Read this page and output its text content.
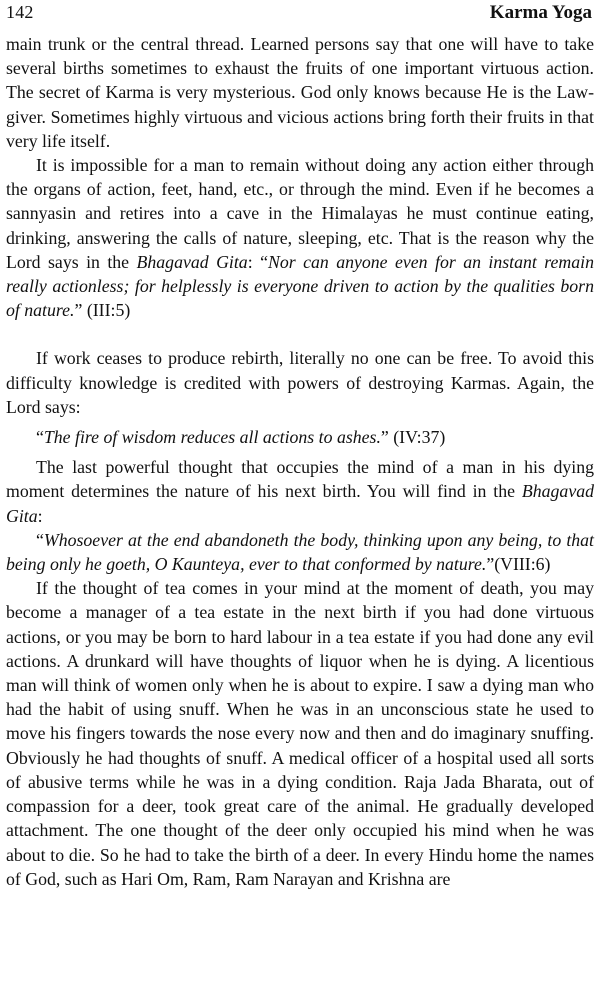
142	Karma Yoga

main trunk or the central thread. Learned persons say that one will have to take several births sometimes to exhaust the fruits of one important virtuous action. The secret of Karma is very mysterious. God only knows because He is the Law-giver. Sometimes highly virtuous and vicious actions bring forth their fruits in that very life itself.

It is impossible for a man to remain without doing any action either through the organs of action, feet, hand, etc., or through the mind. Even if he becomes a sannyasin and retires into a cave in the Himalayas he must continue eating, drinking, answering the calls of nature, sleeping, etc. That is the reason why the Lord says in the Bhagavad Gita: “Nor can anyone even for an instant remain really actionless; for helplessly is everyone driven to action by the qualities born of nature.” (III:5)

If work ceases to produce rebirth, literally no one can be free. To avoid this difficulty knowledge is credited with powers of destroying Karmas. Again, the Lord says:

“The fire of wisdom reduces all actions to ashes.” (IV:37)

The last powerful thought that occupies the mind of a man in his dying moment determines the nature of his next birth. You will find in the Bhagavad Gita:

“Whosoever at the end abandoneth the body, thinking upon any being, to that being only he goeth, O Kaunteya, ever to that conformed by nature.”(VIII:6)

If the thought of tea comes in your mind at the moment of death, you may become a manager of a tea estate in the next birth if you had done virtuous actions, or you may be born to hard labour in a tea estate if you had done any evil actions. A drunkard will have thoughts of liquor when he is dying. A licentious man will think of women only when he is about to expire. I saw a dying man who had the habit of using snuff. When he was in an unconscious state he used to move his fingers towards the nose every now and then and do imaginary snuffing. Obviously he had thoughts of snuff. A medical officer of a hospital used all sorts of abusive terms while he was in a dying condition. Raja Jada Bharata, out of compassion for a deer, took great care of the animal. He gradually developed attachment. The one thought of the deer only occupied his mind when he was about to die. So he had to take the birth of a deer. In every Hindu home the names of God, such as Hari Om, Ram, Ram Narayan and Krishna are
